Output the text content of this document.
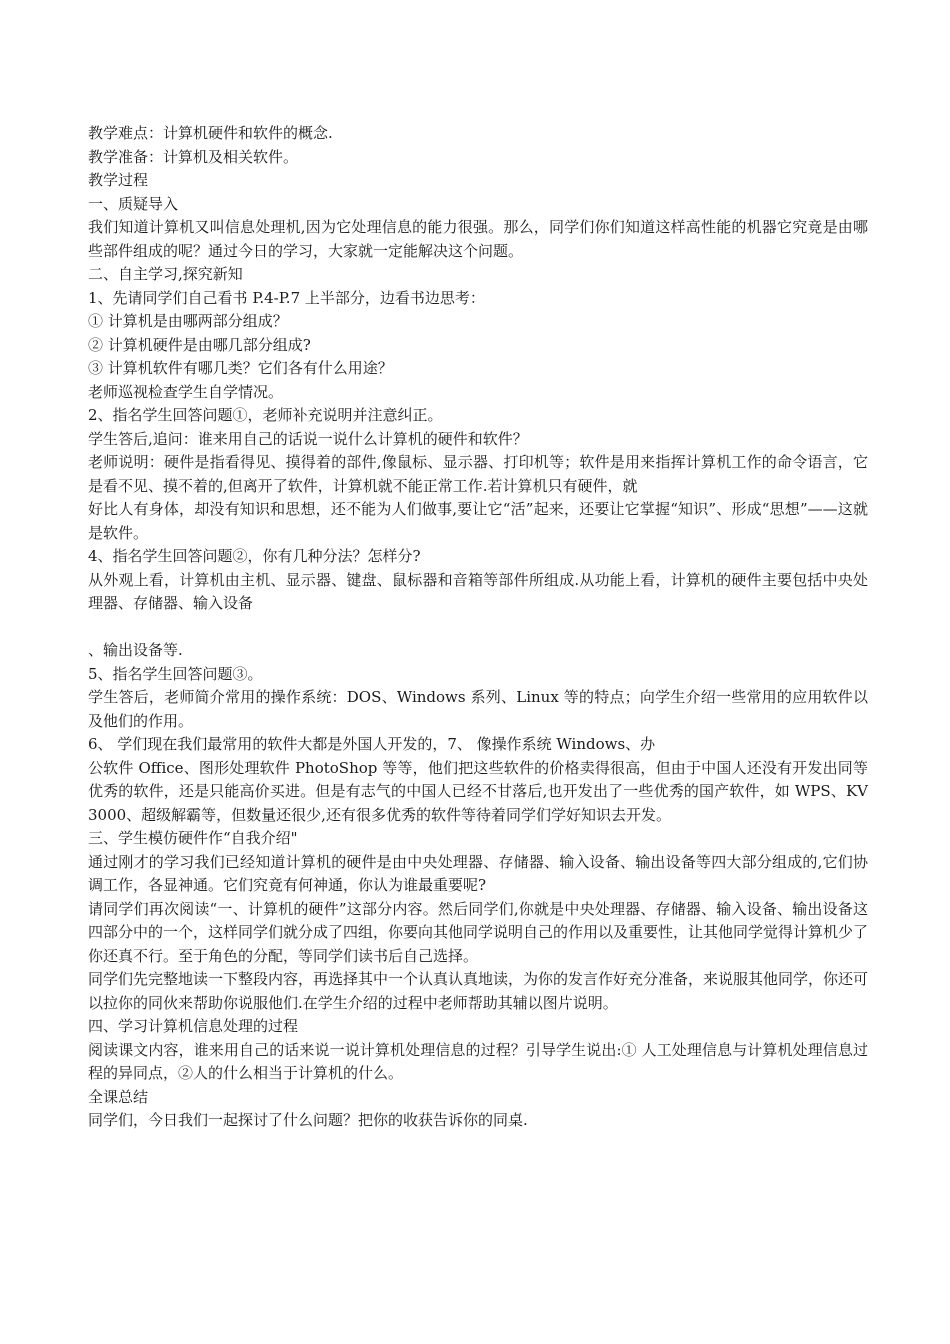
教学难点：计算机硬件和软件的概念.

教学准备：计算机及相关软件。

教学过程

一、质疑导入

我们知道计算机又叫信息处理机,因为它处理信息的能力很强。那么，同学们你们知道这样高性能的机器它究竟是由哪些部件组成的呢？通过今日的学习，大家就一定能解决这个问题。

二、自主学习,探究新知

1、先请同学们自己看书 P.4-P.7 上半部分，边看书边思考：

① 计算机是由哪两部分组成？

② 计算机硬件是由哪几部分组成?

③ 计算机软件有哪几类？它们各有什么用途？

老师巡视检查学生自学情况。

2、指名学生回答问题①，老师补充说明并注意纠正。

学生答后,追问：谁来用自己的话说一说什么计算机的硬件和软件？

老师说明：硬件是指看得见、摸得着的部件,像鼠标、显示器、打印机等；软件是用来指挥计算机工作的命令语言，它是看不见、摸不着的,但离开了软件，计算机就不能正常工作.若计算机只有硬件，就

好比人有身体，却没有知识和思想，还不能为人们做事,要让它“活”起来，还要让它掌握“知识”、形成“思想”——这就是软件。

4、指名学生回答问题②，你有几种分法？怎样分?

从外观上看，计算机由主机、显示器、键盘、鼠标器和音箱等部件所组成.从功能上看，计算机的硬件主要包括中央处理器、存储器、输入设备

、输出设备等.

5、指名学生回答问题③。

学生答后，老师简介常用的操作系统：DOS、Windows 系列、Linux 等的特点；向学生介绍一些常用的应用软件以及他们的作用。

6、 学们现在我们最常用的软件大都是外国人开发的，7、 像操作系统 Windows、办

公软件 Office、图形处理软件 PhotoShop 等等，他们把这些软件的价格卖得很高，但由于中国人还没有开发出同等优秀的软件，还是只能高价买进。但是有志气的中国人已经不甘落后,也开发出了一些优秀的国产软件，如 WPS、KV3000、超级解霸等，但数量还很少,还有很多优秀的软件等待着同学们学好知识去开发。

三、学生模仿硬件作“自我介绍"

通过刚才的学习我们已经知道计算机的硬件是由中央处理器、存储器、输入设备、输出设备等四大部分组成的,它们协调工作，各显神通。它们究竟有何神通，你认为谁最重要呢?

请同学们再次阅读“一、计算机的硬件”这部分内容。然后同学们,你就是中央处理器、存储器、输入设备、输出设备这四部分中的一个，这样同学们就分成了四组，你要向其他同学说明自己的作用以及重要性，让其他同学觉得计算机少了你还真不行。至于角色的分配，等同学们读书后自己选择。

同学们先完整地读一下整段内容，再选择其中一个认真认真地读，为你的发言作好充分准备，来说服其他同学，你还可以拉你的同伙来帮助你说服他们.在学生介绍的过程中老师帮助其辅以图片说明。

四、学习计算机信息处理的过程

阅读课文内容，谁来用自己的话来说一说计算机处理信息的过程？引导学生说出:① 人工处理信息与计算机处理信息过程的异同点，②人的什么相当于计算机的什么。

全课总结

同学们，今日我们一起探讨了什么问题？把你的收获告诉你的同桌.
